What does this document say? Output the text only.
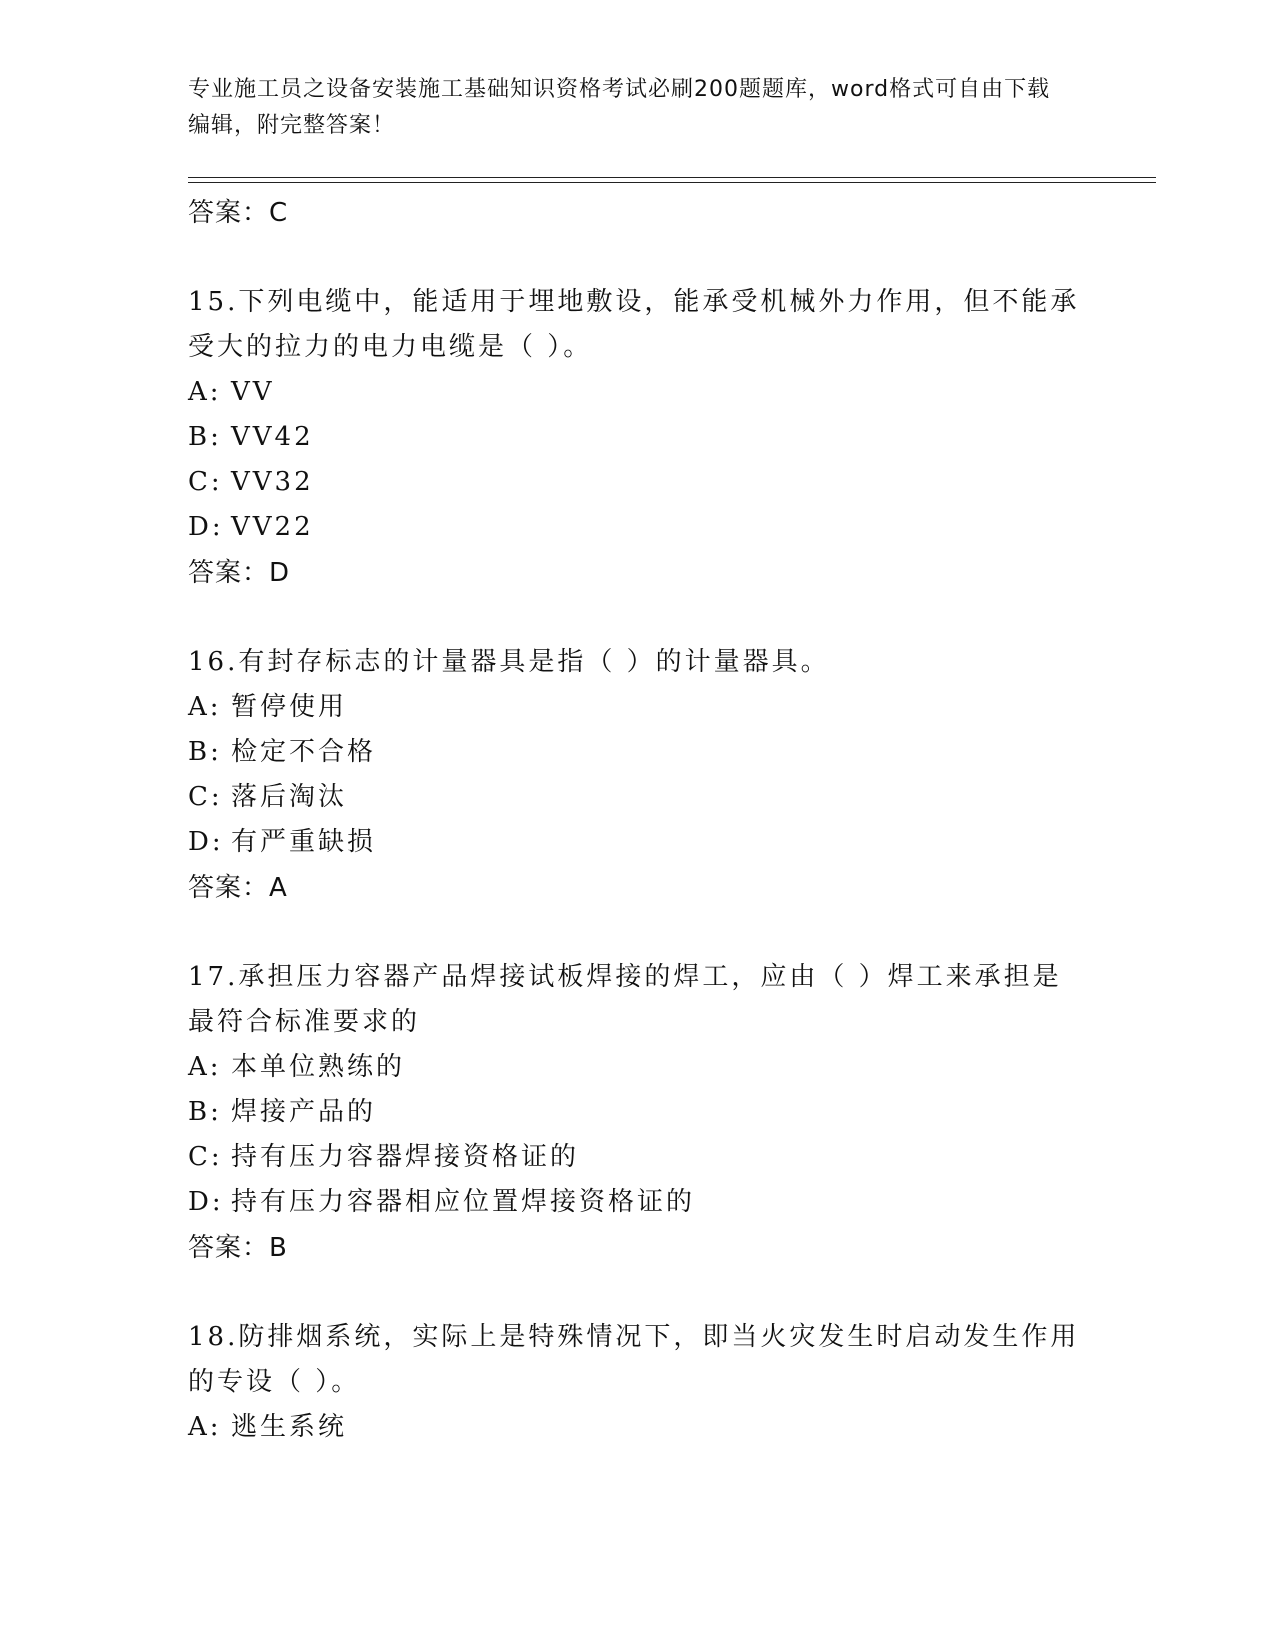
专业施工员之设备安装施工基础知识资格考试必刷200题题库，word格式可自由下载编辑，附完整答案！
答案：C
15.下列电缆中，能适用于埋地敷设，能承受机械外力作用，但不能承受大的拉力的电力电缆是（ ）。
A: VV
B: VV42
C: VV32
D: VV22
答案：D
16.有封存标志的计量器具是指（ ）的计量器具。
A: 暂停使用
B: 检定不合格
C: 落后淘汰
D: 有严重缺损
答案：A
17.承担压力容器产品焊接试板焊接的焊工，应由（ ）焊工来承担是最符合标准要求的
A: 本单位熟练的
B: 焊接产品的
C: 持有压力容器焊接资格证的
D: 持有压力容器相应位置焊接资格证的
答案：B
18.防排烟系统，实际上是特殊情况下，即当火灾发生时启动发生作用的专设（ ）。
A: 逃生系统
